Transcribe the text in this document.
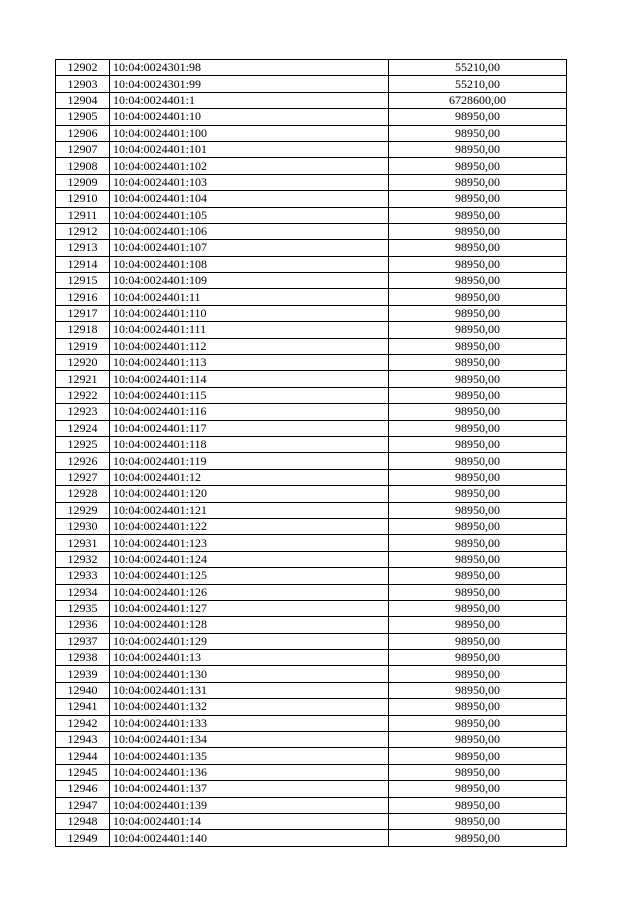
12902	10:04:0024301:98	55210,00
12903	10:04:0024301:99	55210,00
12904	10:04:0024401:1	6728600,00
12905	10:04:0024401:10	98950,00
12906	10:04:0024401:100	98950,00
12907	10:04:0024401:101	98950,00
12908	10:04:0024401:102	98950,00
12909	10:04:0024401:103	98950,00
12910	10:04:0024401:104	98950,00
12911	10:04:0024401:105	98950,00
12912	10:04:0024401:106	98950,00
12913	10:04:0024401:107	98950,00
12914	10:04:0024401:108	98950,00
12915	10:04:0024401:109	98950,00
12916	10:04:0024401:11	98950,00
12917	10:04:0024401:110	98950,00
12918	10:04:0024401:111	98950,00
12919	10:04:0024401:112	98950,00
12920	10:04:0024401:113	98950,00
12921	10:04:0024401:114	98950,00
12922	10:04:0024401:115	98950,00
12923	10:04:0024401:116	98950,00
12924	10:04:0024401:117	98950,00
12925	10:04:0024401:118	98950,00
12926	10:04:0024401:119	98950,00
12927	10:04:0024401:12	98950,00
12928	10:04:0024401:120	98950,00
12929	10:04:0024401:121	98950,00
12930	10:04:0024401:122	98950,00
12931	10:04:0024401:123	98950,00
12932	10:04:0024401:124	98950,00
12933	10:04:0024401:125	98950,00
12934	10:04:0024401:126	98950,00
12935	10:04:0024401:127	98950,00
12936	10:04:0024401:128	98950,00
12937	10:04:0024401:129	98950,00
12938	10:04:0024401:13	98950,00
12939	10:04:0024401:130	98950,00
12940	10:04:0024401:131	98950,00
12941	10:04:0024401:132	98950,00
12942	10:04:0024401:133	98950,00
12943	10:04:0024401:134	98950,00
12944	10:04:0024401:135	98950,00
12945	10:04:0024401:136	98950,00
12946	10:04:0024401:137	98950,00
12947	10:04:0024401:139	98950,00
12948	10:04:0024401:14	98950,00
12949	10:04:0024401:140	98950,00
